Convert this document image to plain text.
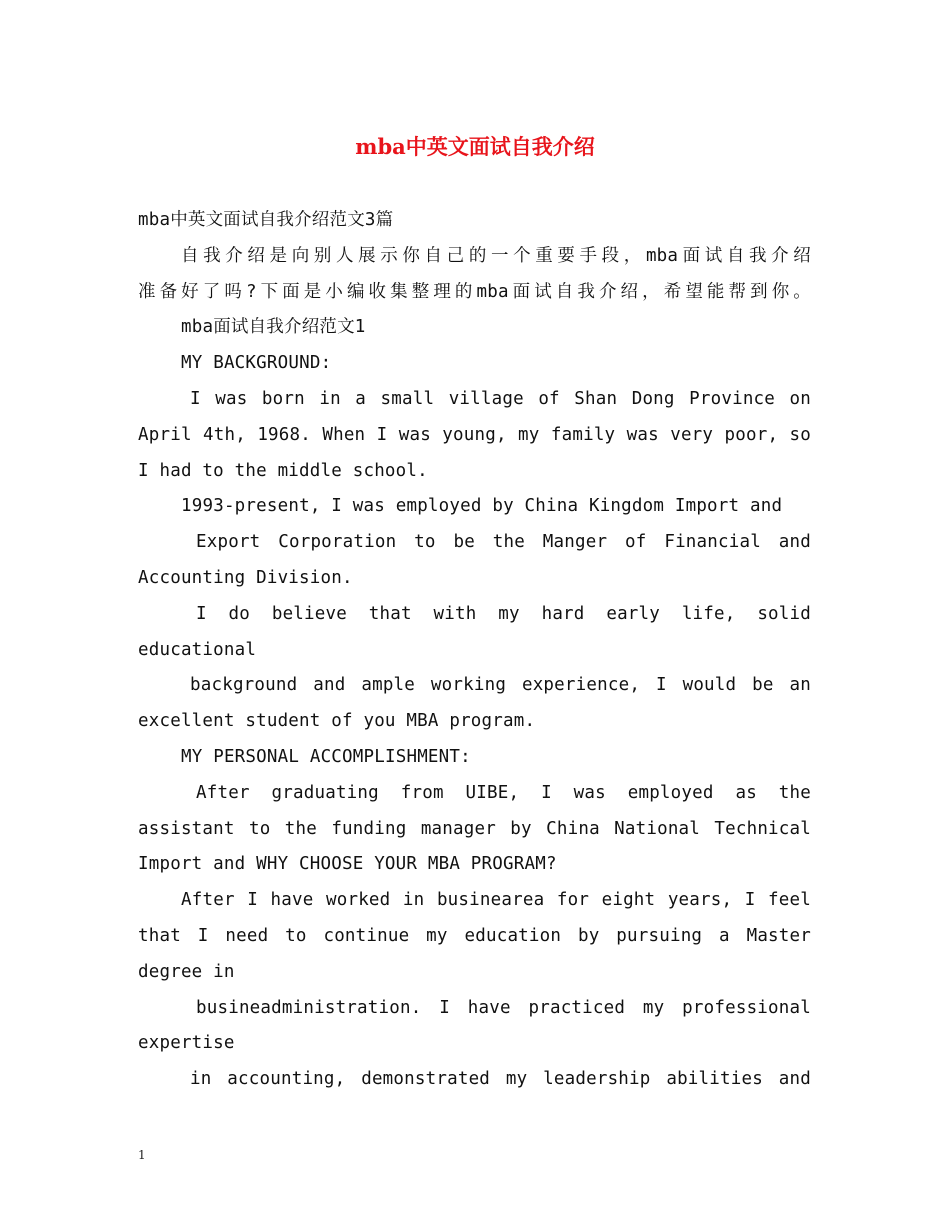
mba中英文面试自我介绍
mba中英文面试自我介绍范文3篇
自我介绍是向别人展示你自己的一个重要手段，mba面试自我介绍
准备好了吗?下面是小编收集整理的mba面试自我介绍，希望能帮到你。
mba面试自我介绍范文1
MY BACKGROUND:
I was born in a small village of Shan Dong Province on
April 4th, 1968. When I was young, my family was very poor, so
I had to the middle school.
1993-present, I was employed by China Kingdom Import and
Export Corporation to be the Manger of Financial and
Accounting Division.
I do believe that with my hard early life, solid
educational
background and ample working experience, I would be an
excellent student of you MBA program.
MY PERSONAL ACCOMPLISHMENT:
After graduating from UIBE, I was employed as the
assistant to the funding manager by China National Technical
Import and WHY CHOOSE YOUR MBA PROGRAM?
After I have worked in businearea for eight years, I feel
that I need to continue my education by pursuing a Master
degree in
busineadministration. I have practiced my professional
expertise
in accounting, demonstrated my leadership abilities and
1
